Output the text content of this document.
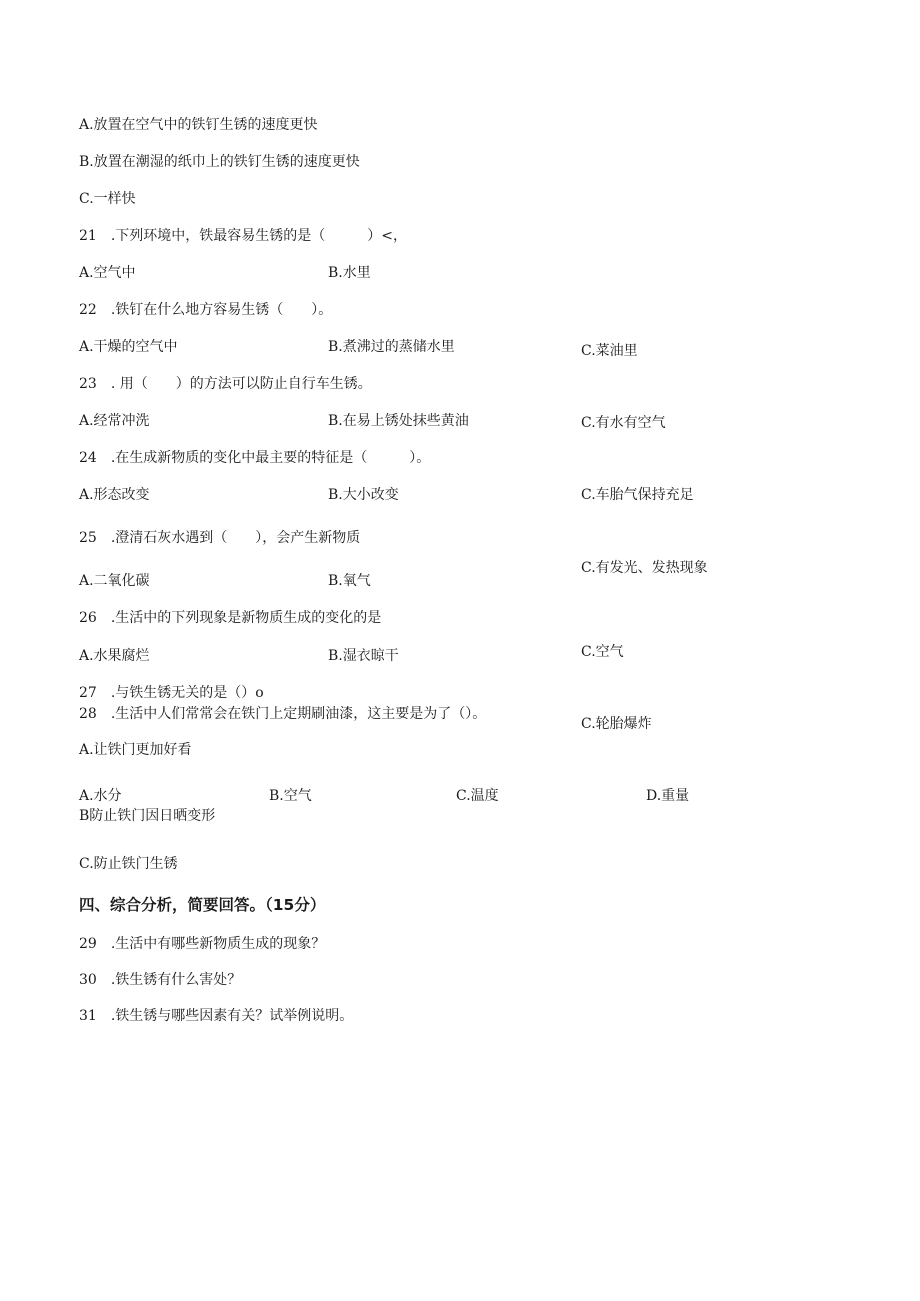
A.放置在空气中的铁钉生锈的速度更快
B.放置在潮湿的纸巾上的铁钉生锈的速度更快
C.一样快
21　.下列环境中，铁最容易生锈的是（　　　）<，
A.空气中	B.水里
22　.铁钉在什么地方容易生锈（　　）。
A.干燥的空气中	B.煮沸过的蒸储水里	C.菜油里
23　. 用（　　）的方法可以防止自行车生锈。
A.经常冲洗	B.在易上锈处抹些黄油	C.有水有空气
24　.在生成新物质的变化中最主要的特征是（　　　）。
A.形态改变	B.大小改变	C.车胎气保持充足
25　.澄清石灰水遇到（　　），会产生新物质
C.有发光、发热现象
A.二氧化碳	B.氧气
26　.生活中的下列现象是新物质生成的变化的是
C.空气
A.水果腐烂	B.湿衣晾干
27　.与铁生锈无关的是（）o
28　.生活中人们常常会在铁门上定期刷油漆，这主要是为了（）。
C.轮胎爆炸
A.让铁门更加好看
A.水分	B.空气	C.温度	D.重量
B防止铁门因日晒变形
C.防止铁门生锈
四、综合分析，简要回答。（15分）
29　.生活中有哪些新物质生成的现象？
30　.铁生锈有什么害处？
31　.铁生锈与哪些因素有关？试举例说明。
